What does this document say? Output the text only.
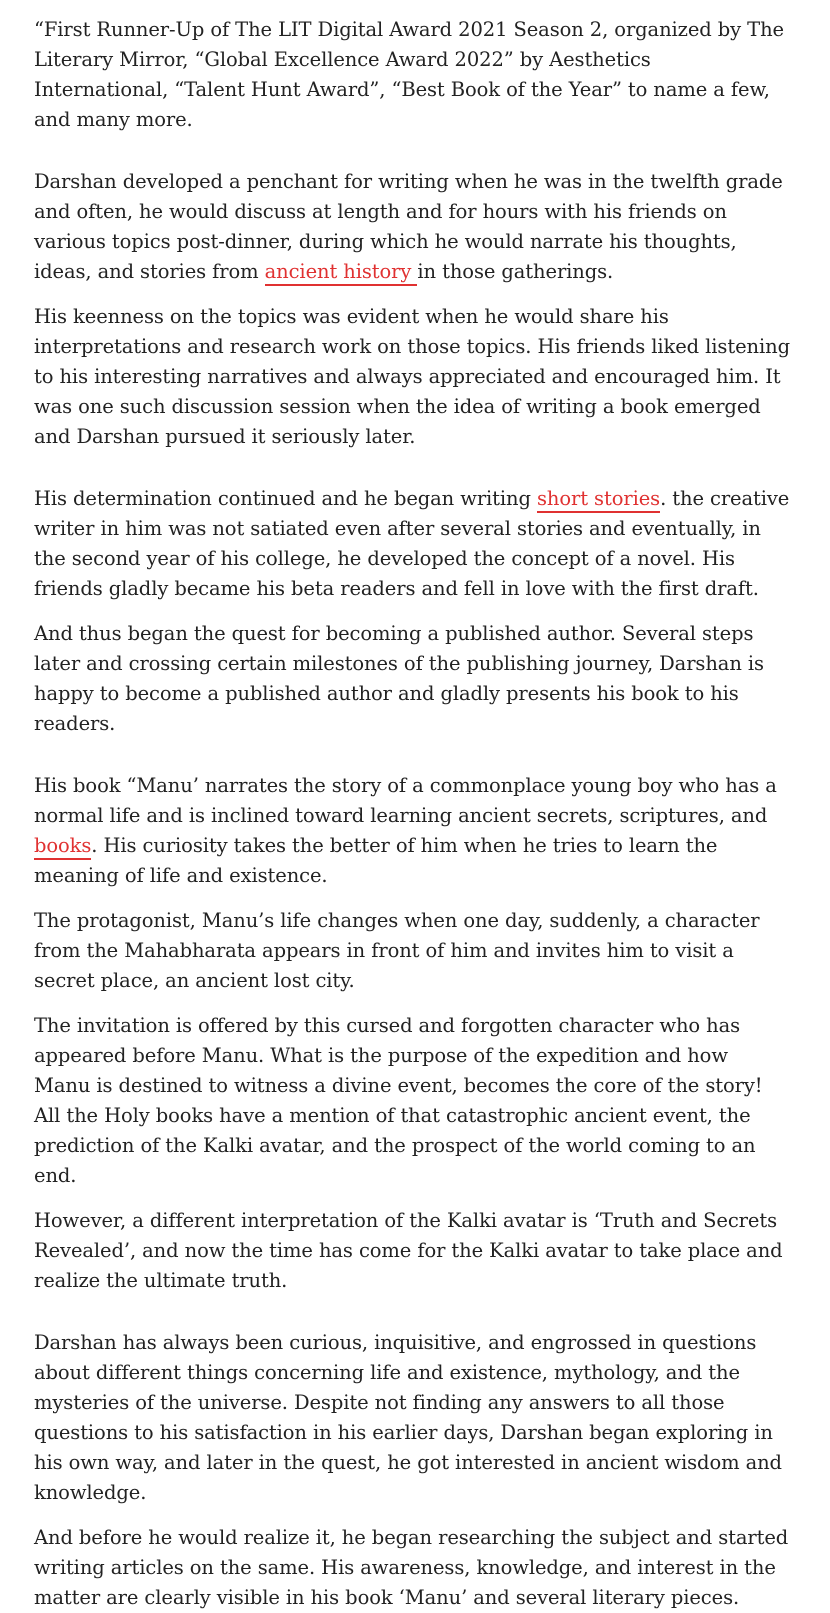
“First Runner-Up of The LIT Digital Award 2021 Season 2, organized by The Literary Mirror, “Global Excellence Award 2022” by Aesthetics International, “Talent Hunt Award”, “Best Book of the Year” to name a few, and many more.

Darshan developed a penchant for writing when he was in the twelfth grade and often, he would discuss at length and for hours with his friends on various topics post-dinner, during which he would narrate his thoughts, ideas, and stories from ancient history in those gatherings.

His keenness on the topics was evident when he would share his interpretations and research work on those topics. His friends liked listening to his interesting narratives and always appreciated and encouraged him. It was one such discussion session when the idea of writing a book emerged and Darshan pursued it seriously later.

His determination continued and he began writing short stories. the creative writer in him was not satiated even after several stories and eventually, in the second year of his college, he developed the concept of a novel. His friends gladly became his beta readers and fell in love with the first draft.

And thus began the quest for becoming a published author. Several steps later and crossing certain milestones of the publishing journey, Darshan is happy to become a published author and gladly presents his book to his readers.

His book “Manu’ narrates the story of a commonplace young boy who has a normal life and is inclined toward learning ancient secrets, scriptures, and books. His curiosity takes the better of him when he tries to learn the meaning of life and existence.

The protagonist, Manu’s life changes when one day, suddenly, a character from the Mahabharata appears in front of him and invites him to visit a secret place, an ancient lost city.

The invitation is offered by this cursed and forgotten character who has appeared before Manu. What is the purpose of the expedition and how Manu is destined to witness a divine event, becomes the core of the story! All the Holy books have a mention of that catastrophic ancient event, the prediction of the Kalki avatar, and the prospect of the world coming to an end.

However, a different interpretation of the Kalki avatar is ‘Truth and Secrets Revealed’, and now the time has come for the Kalki avatar to take place and realize the ultimate truth.

Darshan has always been curious, inquisitive, and engrossed in questions about different things concerning life and existence, mythology, and the mysteries of the universe. Despite not finding any answers to all those questions to his satisfaction in his earlier days, Darshan began exploring in his own way, and later in the quest, he got interested in ancient wisdom and knowledge.

And before he would realize it, he began researching the subject and started writing articles on the same. His awareness, knowledge, and interest in the matter are clearly visible in his book ‘Manu’ and several literary pieces.
